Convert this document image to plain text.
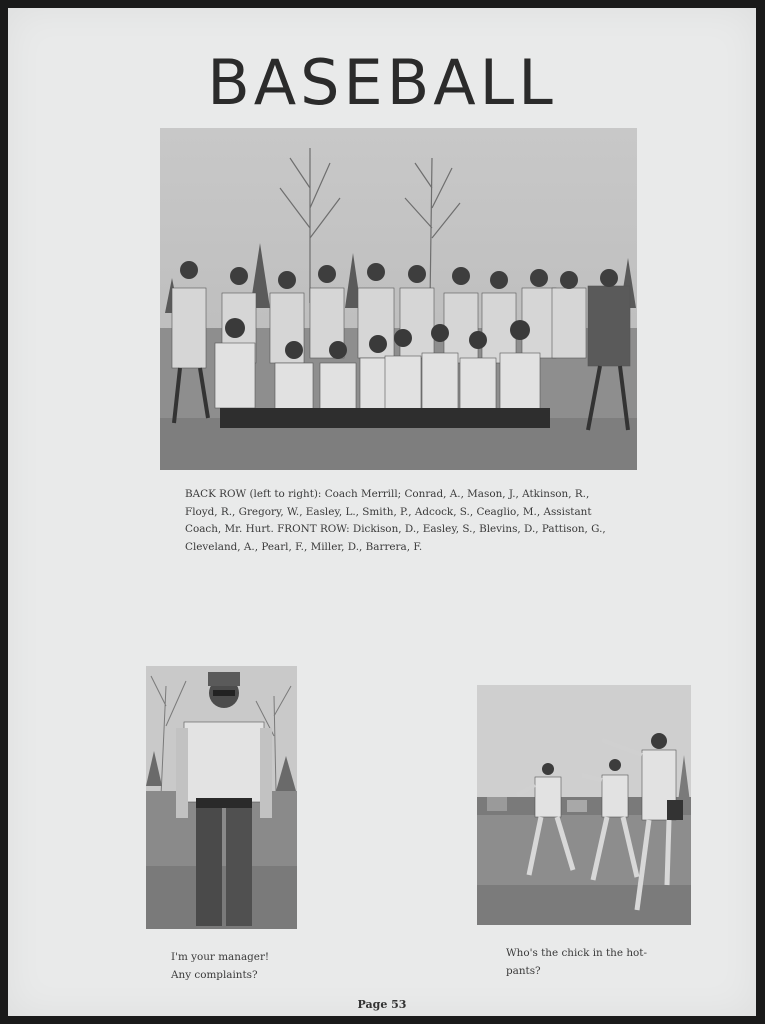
BASEBALL
BACK ROW (left to right): Coach Merrill; Conrad, A., Mason, J., Atkinson, R., Floyd, R., Gregory, W., Easley, L., Smith, P., Adcock, S., Ceaglio, M., Assistant Coach, Mr. Hurt. FRONT ROW: Dickison, D., Easley, S., Blevins, D., Pattison, G., Cleveland, A., Pearl, F., Miller, D., Barrera, F.
I'm your manager! Any complaints?
Who's the chick in the hot-pants?
Page 53
